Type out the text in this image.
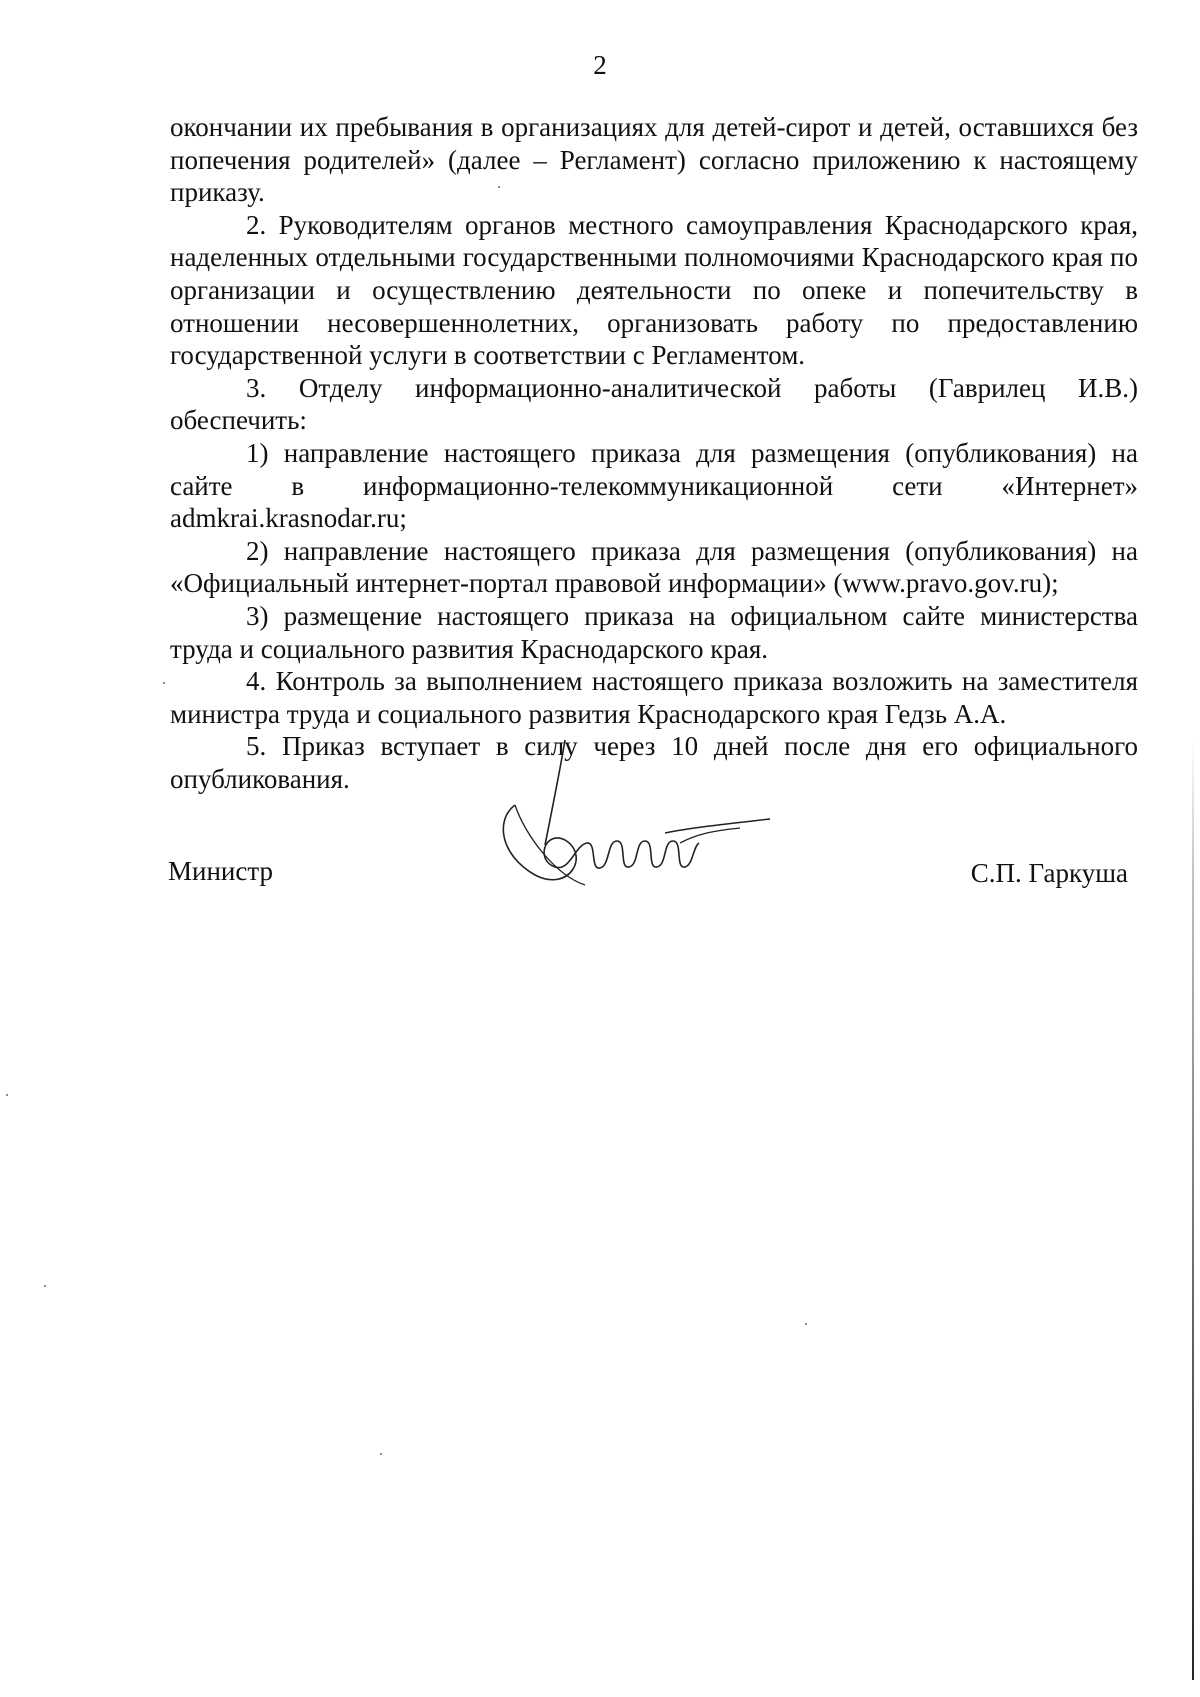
2

окончании их пребывания в организациях для детей-сирот и детей, оставшихся без попечения родителей» (далее – Регламент) согласно приложению к настоящему приказу.

2. Руководителям органов местного самоуправления Краснодарского края, наделенных отдельными государственными полномочиями Краснодарского края по организации и осуществлению деятельности по опеке и попечительству в отношении несовершеннолетних, организовать работу по предоставлению государственной услуги в соответствии с Регламентом.

3. Отделу информационно-аналитической работы (Гаврилец И.В.) обеспечить:

1) направление настоящего приказа для размещения (опубликования) на сайте в информационно-телекоммуникационной сети «Интернет» admkrai.krasnodar.ru;

2) направление настоящего приказа для размещения (опубликования) на «Официальный интернет-портал правовой информации» (www.pravo.gov.ru);

3) размещение настоящего приказа на официальном сайте министерства труда и социального развития Краснодарского края.

4. Контроль за выполнением настоящего приказа возложить на заместителя министра труда и социального развития Краснодарского края Гедзь А.А.

5. Приказ вступает в силу через 10 дней после дня его официального опубликования.

Министр	С.П. Гаркуша
